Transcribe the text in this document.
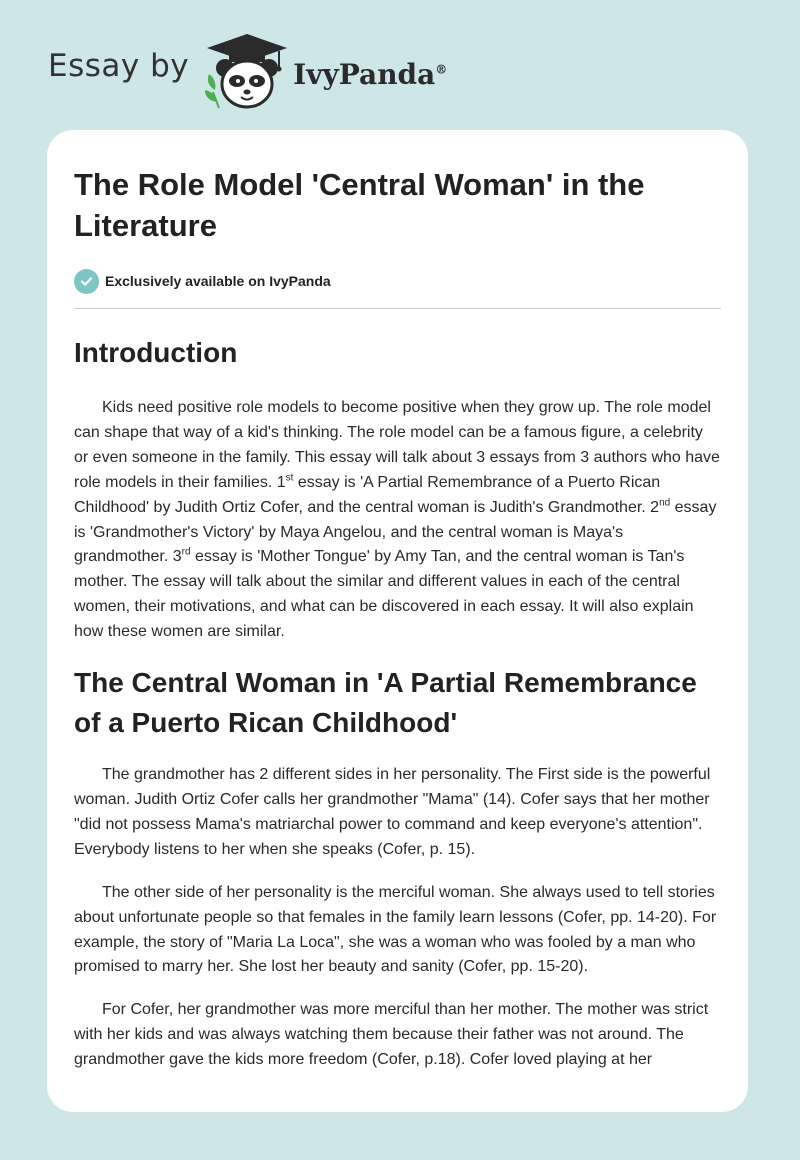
Essay by	IvyPanda®
The Role Model 'Central Woman' in the Literature
Exclusively available on IvyPanda
Introduction

Kids need positive role models to become positive when they grow up. The role model can shape that way of a kid's thinking. The role model can be a famous figure, a celebrity or even someone in the family. This essay will talk about 3 essays from 3 authors who have role models in their families. 1st essay is 'A Partial Remembrance of a Puerto Rican Childhood' by Judith Ortiz Cofer, and the central woman is Judith's Grandmother. 2nd essay is 'Grandmother's Victory' by Maya Angelou, and the central woman is Maya's grandmother. 3rd essay is 'Mother Tongue' by Amy Tan, and the central woman is Tan's mother. The essay will talk about the similar and different values in each of the central women, their motivations, and what can be discovered in each essay. It will also explain how these women are similar.

The Central Woman in 'A Partial Remembrance of a Puerto Rican Childhood'

The grandmother has 2 different sides in her personality. The First side is the powerful woman. Judith Ortiz Cofer calls her grandmother "Mama" (14). Cofer says that her mother "did not possess Mama's matriarchal power to command and keep everyone's attention". Everybody listens to her when she speaks (Cofer, p. 15).

The other side of her personality is the merciful woman. She always used to tell stories about unfortunate people so that females in the family learn lessons (Cofer, pp. 14-20). For example, the story of "Maria La Loca", she was a woman who was fooled by a man who promised to marry her. She lost her beauty and sanity (Cofer, pp. 15-20).

For Cofer, her grandmother was more merciful than her mother. The mother was strict with her kids and was always watching them because their father was not around. The grandmother gave the kids more freedom (Cofer, p.18). Cofer loved playing at her
